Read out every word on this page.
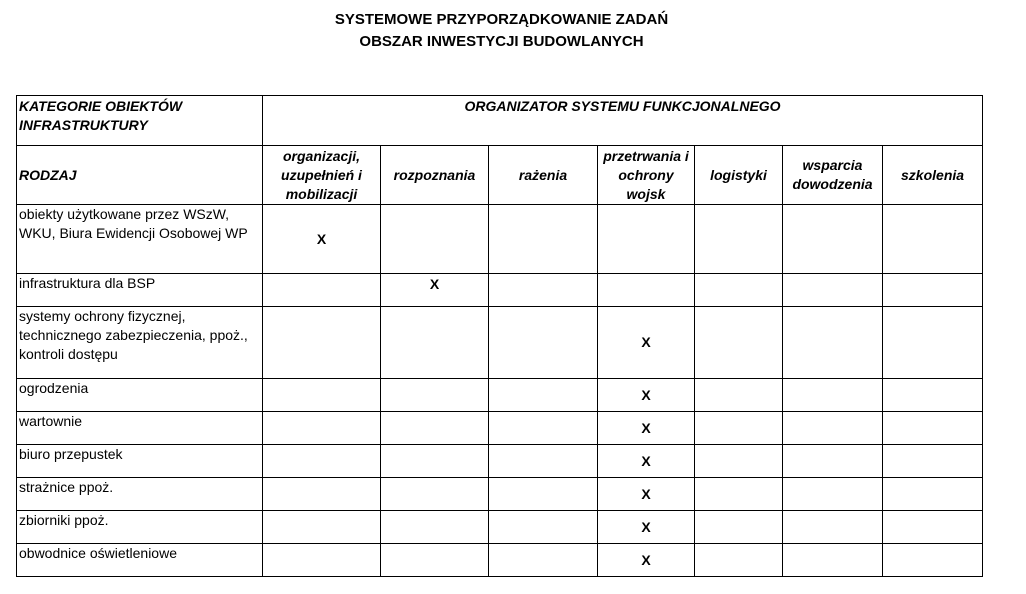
SYSTEMOWE PRZYPORZĄDKOWANIE ZADAŃ
OBSZAR INWESTYCJI BUDOWLANYCH
KATEGORIE OBIEKTÓW INFRASTRUKTURY	ORGANIZATOR SYSTEMU FUNKCJONALNEGO						
RODZAJ	organizacji, uzupełnień i mobilizacji	rozpoznania	rażenia	przetrwania i ochrony wojsk	logistyki	wsparcia dowodzenia	szkolenia
obiekty użytkowane przez WSzW, WKU, Biura Ewidencji Osobowej WP	X						
infrastruktura dla BSP		X					
systemy ochrony fizycznej, technicznego zabezpieczenia, ppoż., kontroli dostępu				X			
ogrodzenia				X			
wartownie				X			
biuro przepustek				X			
strażnice ppoż.				X			
zbiorniki ppoż.				X			
obwodnice oświetleniowe				X			
